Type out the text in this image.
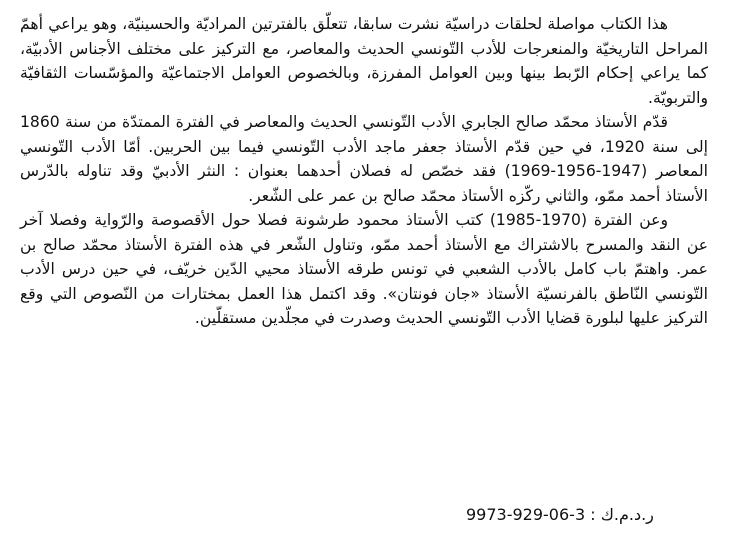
هذا الكتاب مواصلة لحلقات دراسيّة نشرت سابقا، تتعلّق بالفترتين المراديّة والحسينيّة، وهو يراعي أهمّ المراحل التاريخيّة والمنعرجات للأدب التّونسي الحديث والمعاصر، مع التركيز على مختلف الأجناس الأدبيّة، كما يراعي إحكام الرّبط بينها وبين العوامل المفرزة، وبالخصوص العوامل الاجتماعيّة والمؤسّسات الثقافيّة والتربويّة.

قدّم الأستاذ محمّد صالح الجابري الأدب التّونسي الحديث والمعاصر في الفترة الممتدّة من سنة 1860 إلى سنة 1920، في حين قدّم الأستاذ جعفر ماجد الأدب التّونسي فيما بين الحربين. أمّا الأدب التّونسي المعاصر (1947-1956-1969) فقد خصّص له فصلان أحدهما بعنوان : النثر الأدبيّ وقد تناوله بالدّرس الأستاذ أحمد ممّو، والثاني ركّزه الأستاذ محمّد صالح بن عمر على الشّعر.

وعن الفترة (1970-1985) كتب الأستاذ محمود طرشونة فصلا حول الأقصوصة والرّواية وفصلا آخر عن النقد والمسرح بالاشتراك مع الأستاذ أحمد ممّو، وتناول الشّعر في هذه الفترة الأستاذ محمّد صالح بن عمر. واهتمّ باب كامل بالأدب الشعبي في تونس طرقه الأستاذ محيي الدّين خريّف، في حين درس الأدب التّونسي النّاطق بالفرنسيّة الأستاذ «جان فونتان». وقد اكتمل هذا العمل بمختارات من النّصوص التي وقع التركيز عليها لبلورة قضايا الأدب التّونسي الحديث وصدرت في مجلّدين مستقلّين.

ر.د.م.ك : 9973-929-06-3
